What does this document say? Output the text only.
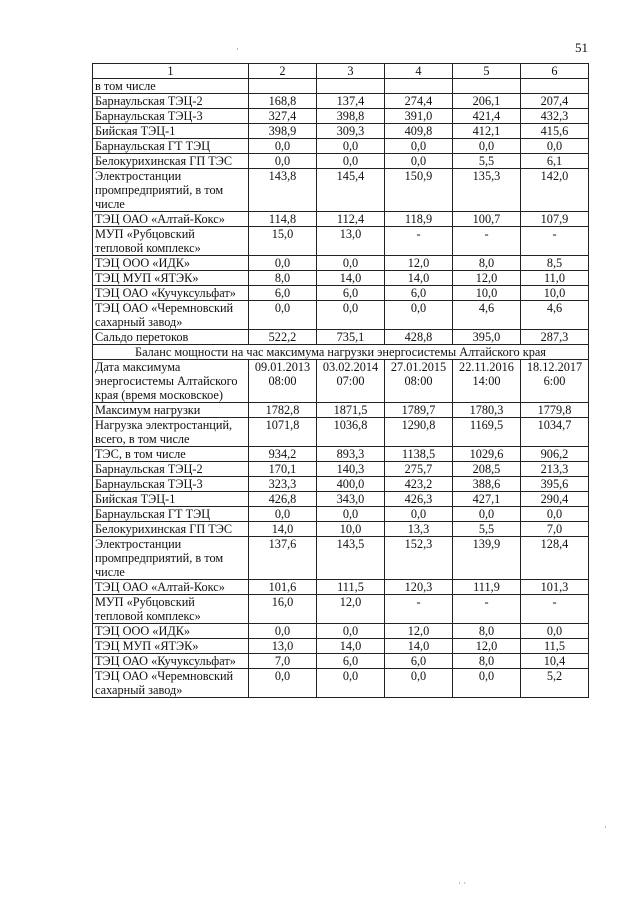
51
1	2	3	4	5	6
в том числе					
Барнаульская ТЭЦ-2	168,8	137,4	274,4	206,1	207,4
Барнаульская ТЭЦ-3	327,4	398,8	391,0	421,4	432,3
Бийская ТЭЦ-1	398,9	309,3	409,8	412,1	415,6
Барнаульская ГТ ТЭЦ	0,0	0,0	0,0	0,0	0,0
Белокурихинская ГП ТЭС	0,0	0,0	0,0	5,5	6,1
Электростанции промпредприятий, в том числе	143,8	145,4	150,9	135,3	142,0
ТЭЦ ОАО «Алтай-Кокс»	114,8	112,4	118,9	100,7	107,9
МУП «Рубцовский тепловой комплекс»	15,0	13,0	-	-	-
ТЭЦ ООО «ИДК»	0,0	0,0	12,0	8,0	8,5
ТЭЦ МУП «ЯТЭК»	8,0	14,0	14,0	12,0	11,0
ТЭЦ ОАО «Кучуксульфат»	6,0	6,0	6,0	10,0	10,0
ТЭЦ ОАО «Черемновский сахарный завод»	0,0	0,0	0,0	4,6	4,6
Сальдо перетоков	522,2	735,1	428,8	395,0	287,3
Баланс мощности на час максимума нагрузки энергосистемы Алтайского края					
Дата максимума энергосистемы Алтайского края (время московское)	09.01.2013 08:00	03.02.2014 07:00	27.01.2015 08:00	22.11.2016 14:00	18.12.2017 6:00
Максимум нагрузки	1782,8	1871,5	1789,7	1780,3	1779,8
Нагрузка электростанций, всего, в том числе	1071,8	1036,8	1290,8	1169,5	1034,7
ТЭС, в том числе	934,2	893,3	1138,5	1029,6	906,2
Барнаульская ТЭЦ-2	170,1	140,3	275,7	208,5	213,3
Барнаульская ТЭЦ-3	323,3	400,0	423,2	388,6	395,6
Бийская ТЭЦ-1	426,8	343,0	426,3	427,1	290,4
Барнаульская ГТ ТЭЦ	0,0	0,0	0,0	0,0	0,0
Белокурихинская ГП ТЭС	14,0	10,0	13,3	5,5	7,0
Электростанции промпредприятий, в том числе	137,6	143,5	152,3	139,9	128,4
ТЭЦ ОАО «Алтай-Кокс»	101,6	111,5	120,3	111,9	101,3
МУП «Рубцовский тепловой комплекс»	16,0	12,0	-	-	-
ТЭЦ ООО «ИДК»	0,0	0,0	12,0	8,0	0,0
ТЭЦ МУП «ЯТЭК»	13,0	14,0	14,0	12,0	11,5
ТЭЦ ОАО «Кучуксульфат»	7,0	6,0	6,0	8,0	10,4
ТЭЦ ОАО «Черемновский сахарный завод»	0,0	0,0	0,0	0,0	5,2
·
·
· ·
